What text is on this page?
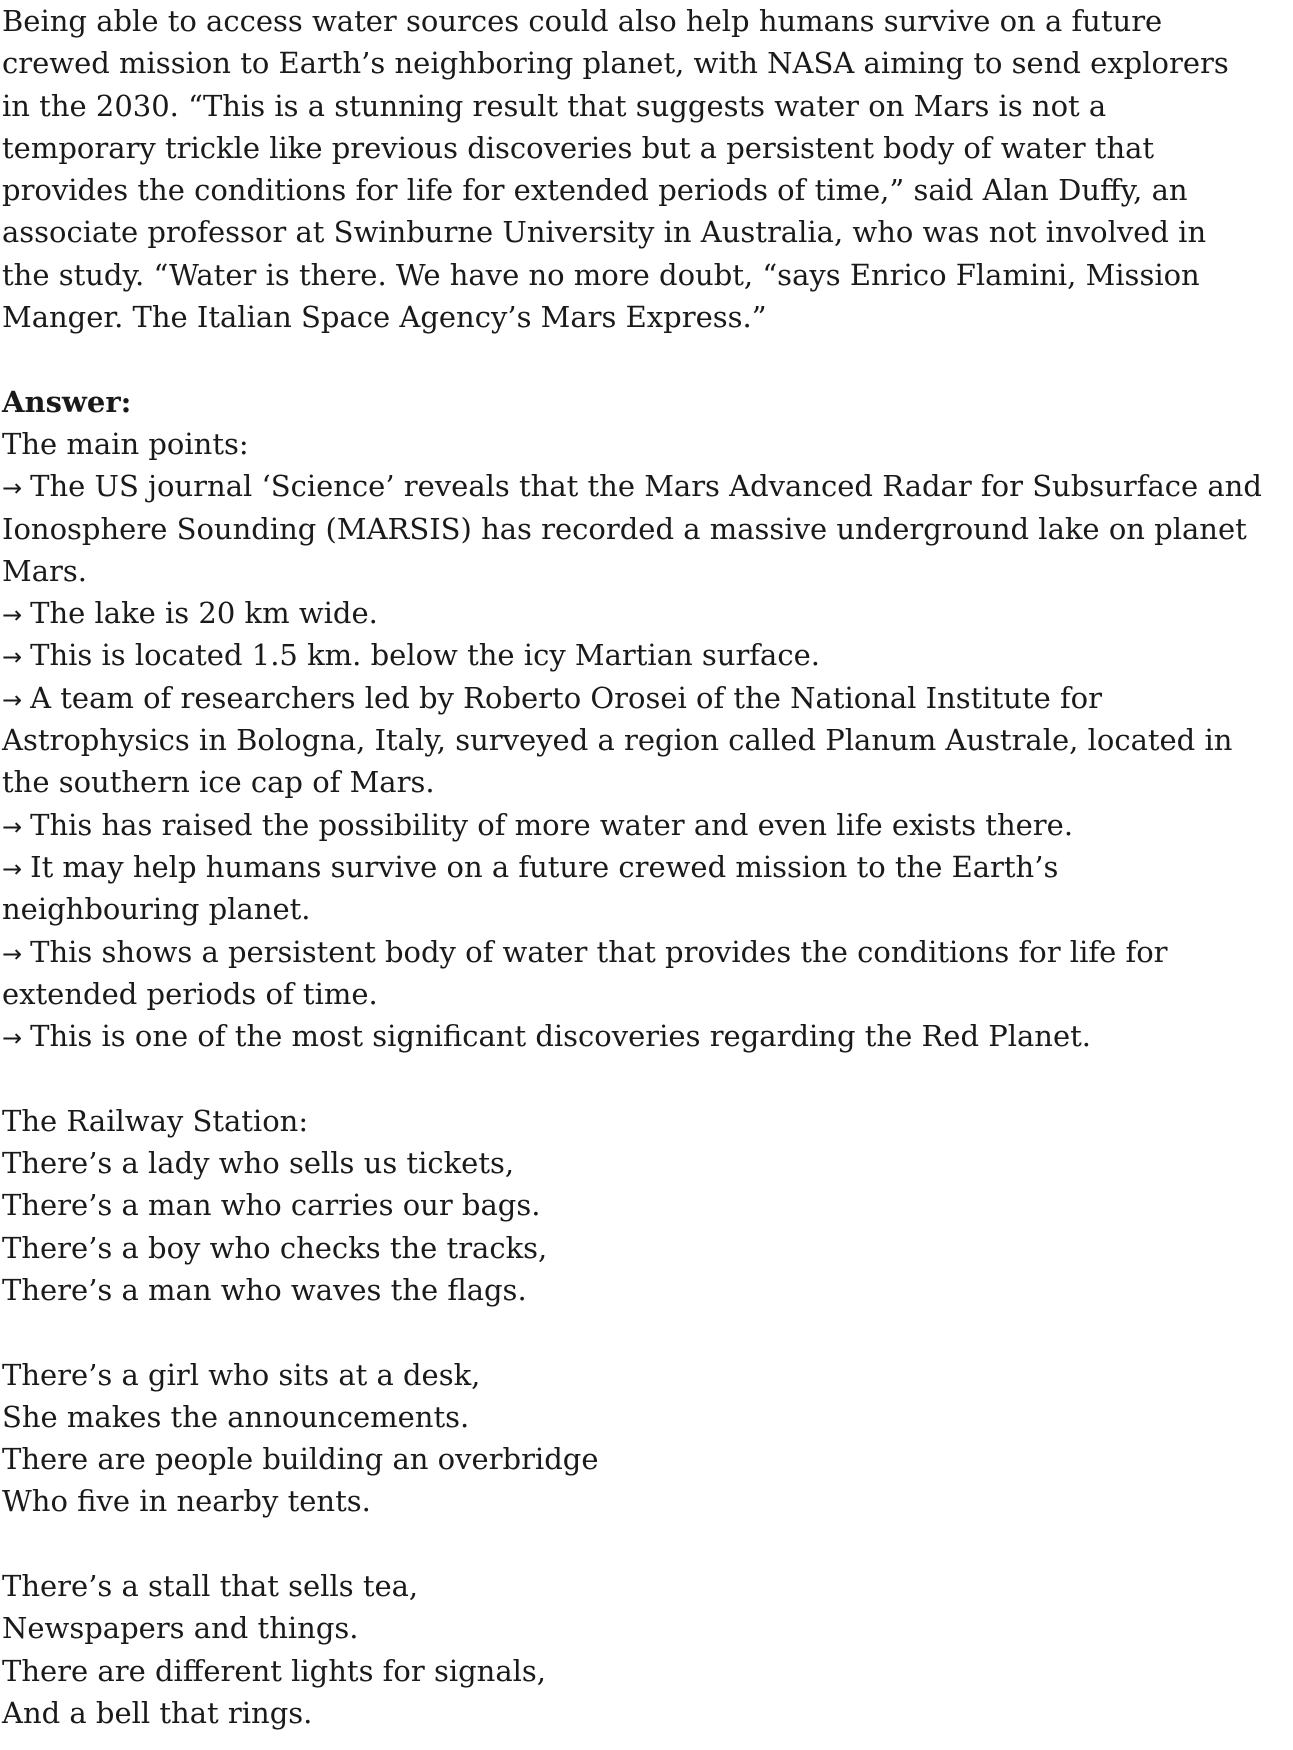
Being able to access water sources could also help humans survive on a future
crewed mission to Earth’s neighboring planet, with NASA aiming to send explorers
in the 2030. “This is a stunning result that suggests water on Mars is not a
temporary trickle like previous discoveries but a persistent body of water that
provides the conditions for life for extended periods of time,” said Alan Duffy, an
associate professor at Swinburne University in Australia, who was not involved in
the study. “Water is there. We have no more doubt, “says Enrico Flamini, Mission
Manger. The Italian Space Agency’s Mars Express.”
Answer:
The main points:
→ The US journal ‘Science’ reveals that the Mars Advanced Radar for Subsurface and
Ionosphere Sounding (MARSIS) has recorded a massive underground lake on planet
Mars.
→ The lake is 20 km wide.
→ This is located 1.5 km. below the icy Martian surface.
→ A team of researchers led by Roberto Orosei of the National Institute for
Astrophysics in Bologna, Italy, surveyed a region called Planum Australe, located in
the southern ice cap of Mars.
→ This has raised the possibility of more water and even life exists there.
→ It may help humans survive on a future crewed mission to the Earth’s
neighbouring planet.
→ This shows a persistent body of water that provides the conditions for life for
extended periods of time.
→ This is one of the most significant discoveries regarding the Red Planet.
The Railway Station:
There’s a lady who sells us tickets,
There’s a man who carries our bags.
There’s a boy who checks the tracks,
There’s a man who waves the flags.
There’s a girl who sits at a desk,
She makes the announcements.
There are people building an overbridge
Who five in nearby tents.
There’s a stall that sells tea,
Newspapers and things.
There are different lights for signals,
And a bell that rings.
